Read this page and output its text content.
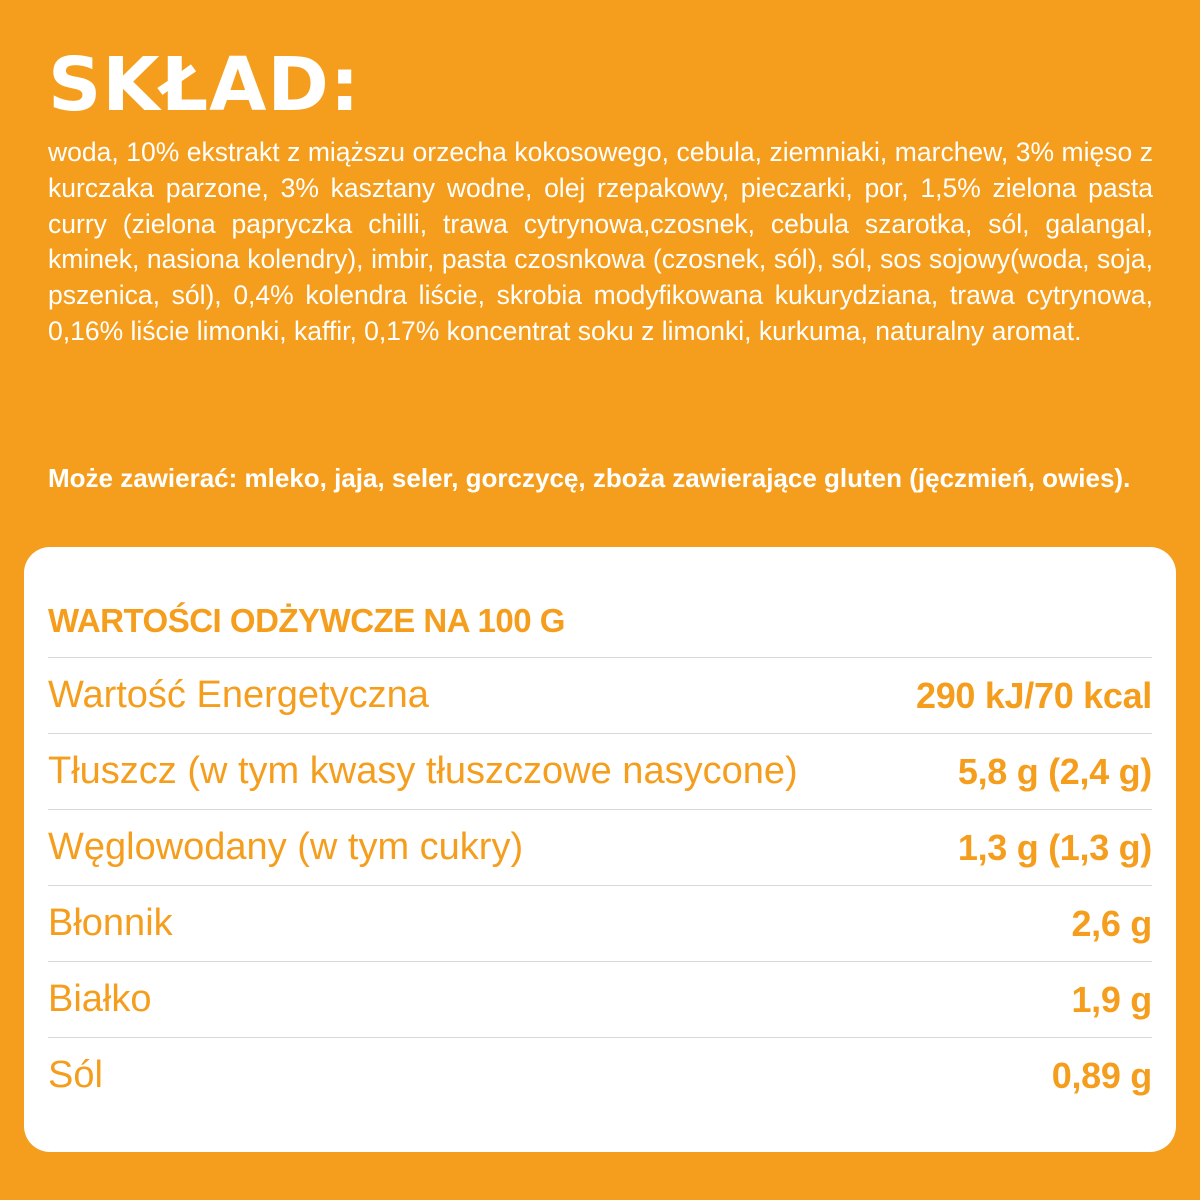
SKŁAD:

woda, 10% ekstrakt z miąższu orzecha kokosowego, cebula, ziemniaki, marchew, 3% mięso z kurczaka parzone, 3% kasztany wodne, olej rzepakowy, pieczarki, por, 1,5% zielona pasta curry (zielona papryczka chilli, trawa cytrynowa,czosnek, cebula szarotka, sól, galangal, kminek, nasiona kolendry), imbir, pasta czosnkowa (czosnek, sól), sól, sos sojowy(woda, soja, pszenica, sól), 0,4% kolendra liście, skrobia modyfikowana kukurydziana, trawa cytrynowa, 0,16% liście limonki, kaffir, 0,17% koncentrat soku z limonki, kurkuma, naturalny aromat.

Może zawierać: mleko, jaja, seler, gorczycę, zboża zawierające gluten (jęczmień, owies).

WARTOŚCI ODŻYWCZE NA 100 G
Wartość Energetyczna	290 kJ/70 kcal
Tłuszcz (w tym kwasy tłuszczowe nasycone)	5,8 g (2,4 g)
Węglowodany (w tym cukry)	1,3 g (1,3 g)
Błonnik	2,6 g
Białko	1,9 g
Sól	0,89 g
